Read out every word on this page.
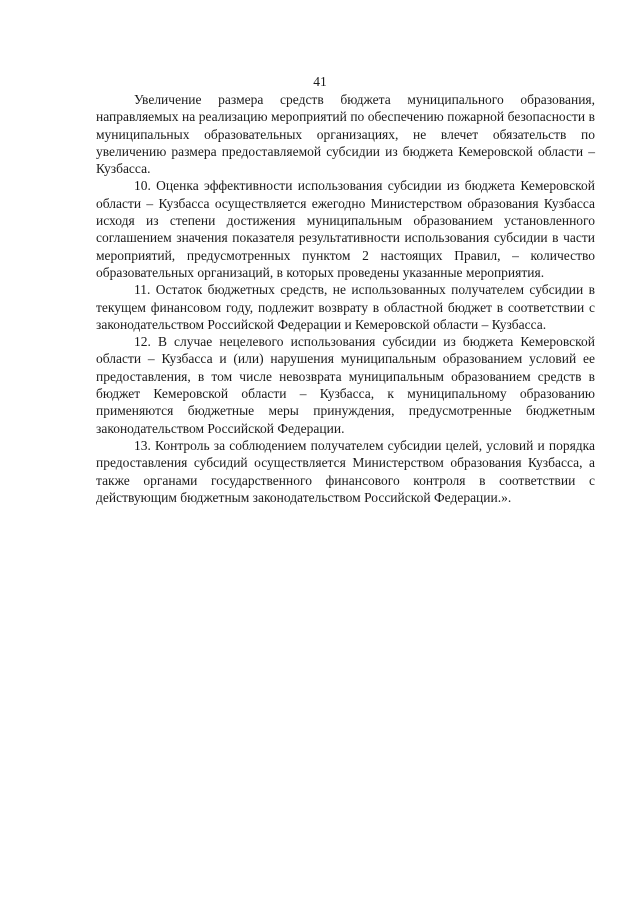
41

Увеличение размера средств бюджета муниципального образования, направляемых на реализацию мероприятий по обеспечению пожарной безопасности в муниципальных образовательных организациях, не влечет обязательств по увеличению размера предоставляемой субсидии из бюджета Кемеровской области – Кузбасса.

10. Оценка эффективности использования субсидии из бюджета Кемеровской области – Кузбасса осуществляется ежегодно Министерством образования Кузбасса исходя из степени достижения муниципальным образованием установленного соглашением значения показателя результативности использования субсидии в части мероприятий, предусмотренных пунктом 2 настоящих Правил, – количество образовательных организаций, в которых проведены указанные мероприятия.

11. Остаток бюджетных средств, не использованных получателем субсидии в текущем финансовом году, подлежит возврату в областной бюджет в соответствии с законодательством Российской Федерации и Кемеровской области – Кузбасса.

12. В случае нецелевого использования субсидии из бюджета Кемеровской области – Кузбасса и (или) нарушения муниципальным образованием условий ее предоставления, в том числе невозврата муниципальным образованием средств в бюджет Кемеровской области – Кузбасса, к муниципальному образованию применяются бюджетные меры принуждения, предусмотренные бюджетным законодательством Российской Федерации.

13. Контроль за соблюдением получателем субсидии целей, условий и порядка предоставления субсидий осуществляется Министерством образования Кузбасса, а также органами государственного финансового контроля в соответствии с действующим бюджетным законодательством Российской Федерации.».
